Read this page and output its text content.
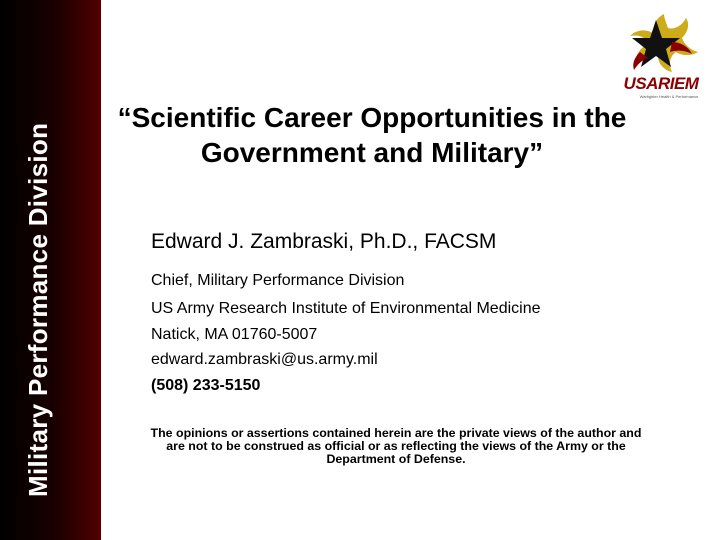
Military Performance Division
USARIEM
Warfighter Health & Performance
“Scientific Career Opportunities in the Government and Military”
Edward J. Zambraski, Ph.D., FACSM
Chief, Military Performance Division
US Army Research Institute of Environmental Medicine
Natick, MA 01760-5007
edward.zambraski@us.army.mil
(508) 233-5150
The opinions or assertions contained herein are the private views of the author and are not to be construed as official or as reflecting the views of the Army or the Department of Defense.
